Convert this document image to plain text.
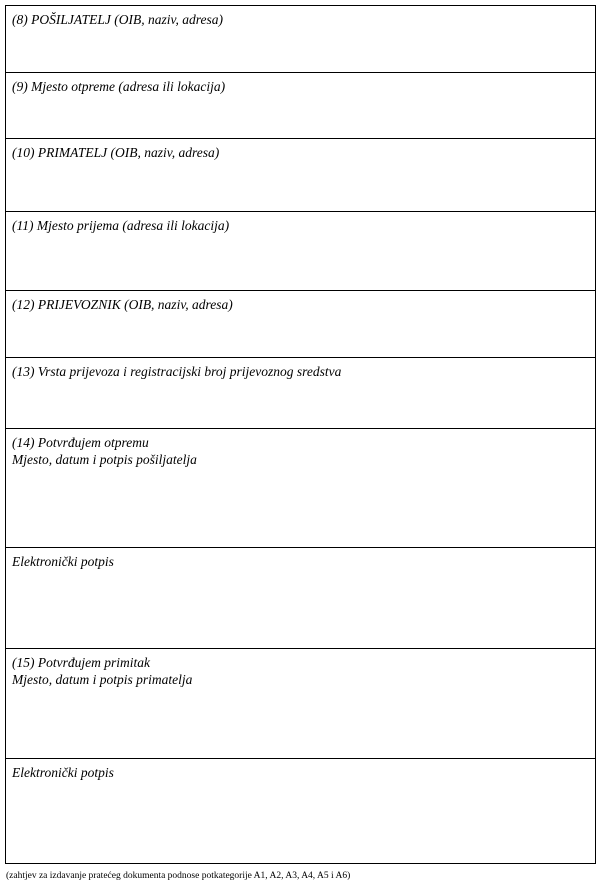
(8) POŠILJATELJ (OIB, naziv, adresa)

(9) Mjesto otpreme (adresa ili lokacija)

(10) PRIMATELJ (OIB, naziv, adresa)

(11) Mjesto prijema (adresa ili lokacija)

(12) PRIJEVOZNIK (OIB, naziv, adresa)

(13) Vrsta prijevoza i registracijski broj prijevoznog sredstva

(14) Potvrđujem otpremu
Mjesto, datum i potpis pošiljatelja

Elektronički potpis

(15) Potvrđujem primitak
Mjesto, datum i potpis primatelja

Elektronički potpis
(zahtjev za izdavanje pratećeg dokumenta podnose potkategorije A1, A2, A3, A4, A5 i A6)
